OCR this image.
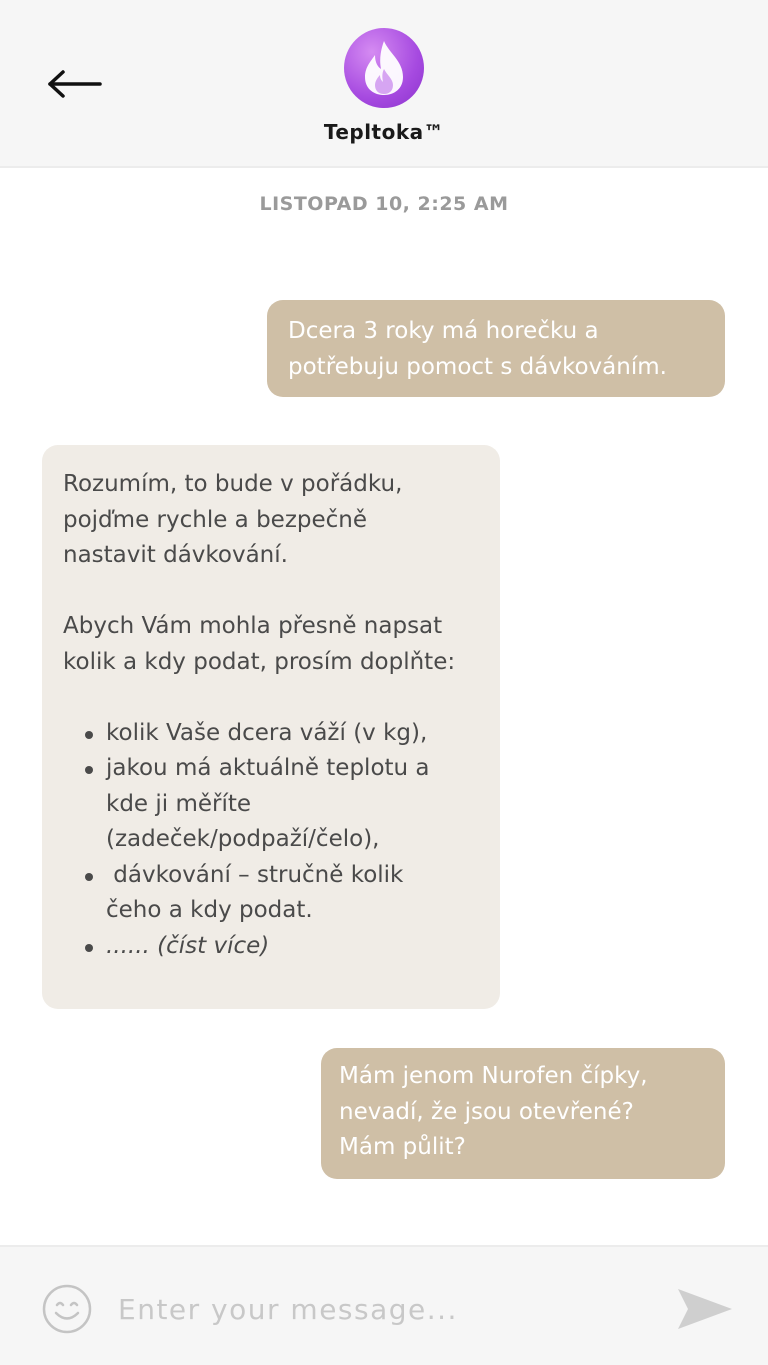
Tepltoka™
LISTOPAD 10, 2:25 AM
Dcera 3 roky má horečku a
potřebuju pomoct s dávkováním.
Rozumím, to bude v pořádku,
pojďme rychle a bezpečně
nastavit dávkování.
Abych Vám mohla přesně napsat
kolik a kdy podat, prosím doplňte:
kolik Vaše dcera váží (v kg),
jakou má aktuálně teplotu a
kde ji měříte
(zadeček/podpaží/čelo),
dávkování – stručně kolik
čeho a kdy podat.
...... (číst více)
Mám jenom Nurofen čípky,
nevadí, že jsou otevřené?
Mám půlit?
Enter your message...
